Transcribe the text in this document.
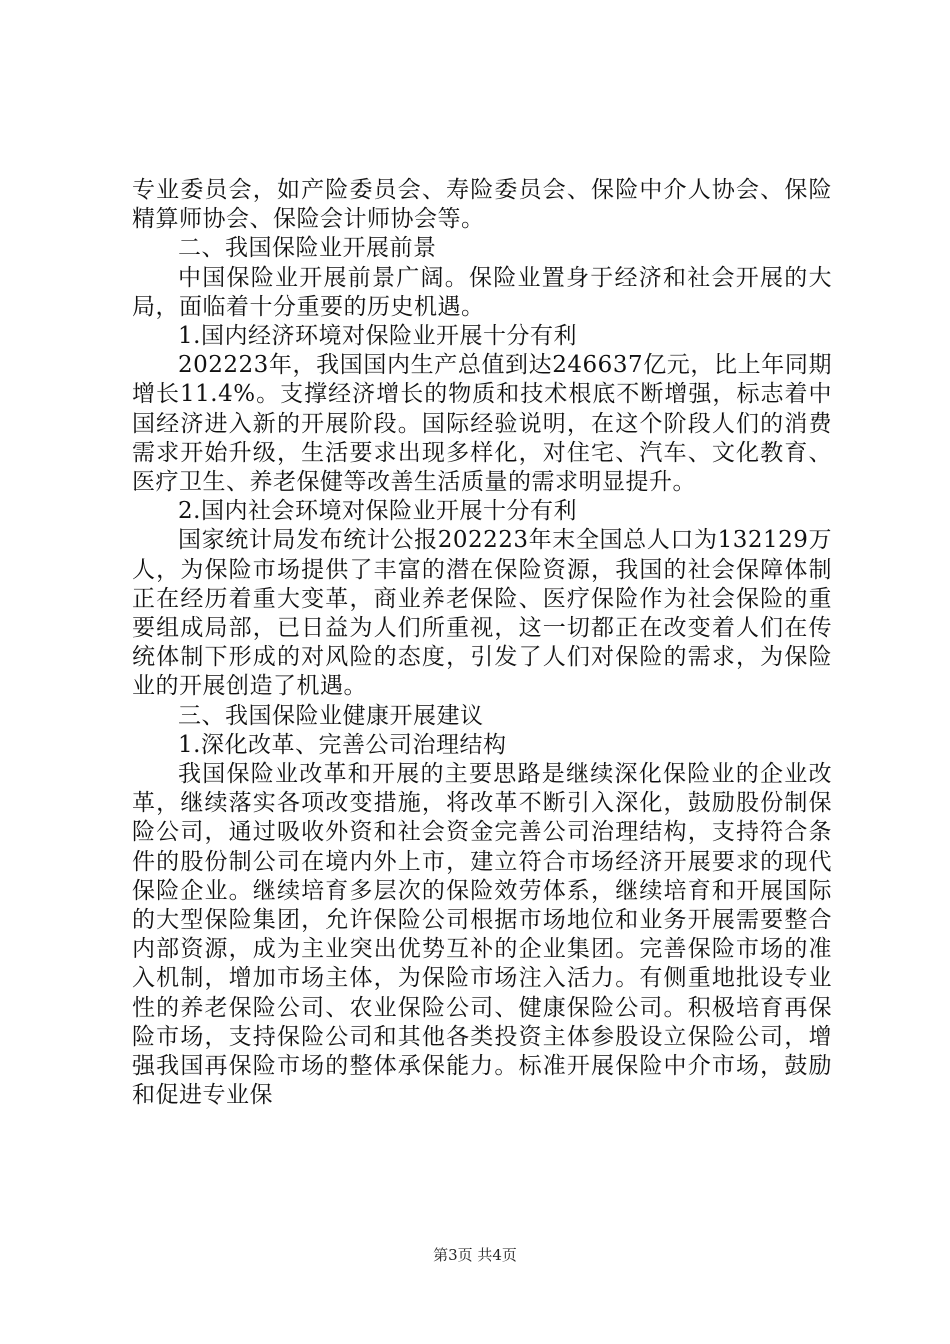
专业委员会，如产险委员会、寿险委员会、保险中介人协会、保险精算师协会、保险会计师协会等。

二、我国保险业开展前景

中国保险业开展前景广阔。保险业置身于经济和社会开展的大局，面临着十分重要的历史机遇。

1.国内经济环境对保险业开展十分有利

202223年，我国国内生产总值到达246637亿元，比上年同期增长11.4%。支撑经济增长的物质和技术根底不断增强，标志着中国经济进入新的开展阶段。国际经验说明，在这个阶段人们的消费需求开始升级，生活要求出现多样化，对住宅、汽车、文化教育、医疗卫生、养老保健等改善生活质量的需求明显提升。

2.国内社会环境对保险业开展十分有利

国家统计局发布统计公报202223年末全国总人口为132129万人，为保险市场提供了丰富的潜在保险资源，我国的社会保障体制正在经历着重大变革，商业养老保险、医疗保险作为社会保险的重要组成局部，已日益为人们所重视，这一切都正在改变着人们在传统体制下形成的对风险的态度，引发了人们对保险的需求，为保险业的开展创造了机遇。

三、我国保险业健康开展建议

1.深化改革、完善公司治理结构

我国保险业改革和开展的主要思路是继续深化保险业的企业改革，继续落实各项改变措施，将改革不断引入深化，鼓励股份制保险公司，通过吸收外资和社会资金完善公司治理结构，支持符合条件的股份制公司在境内外上市，建立符合市场经济开展要求的现代保险企业。继续培育多层次的保险效劳体系，继续培育和开展国际的大型保险集团，允许保险公司根据市场地位和业务开展需要整合内部资源，成为主业突出优势互补的企业集团。完善保险市场的准入机制，增加市场主体，为保险市场注入活力。有侧重地批设专业性的养老保险公司、农业保险公司、健康保险公司。积极培育再保险市场，支持保险公司和其他各类投资主体参股设立保险公司，增强我国再保险市场的整体承保能力。标准开展保险中介市场，鼓励和促进专业保

第3页 共4页
